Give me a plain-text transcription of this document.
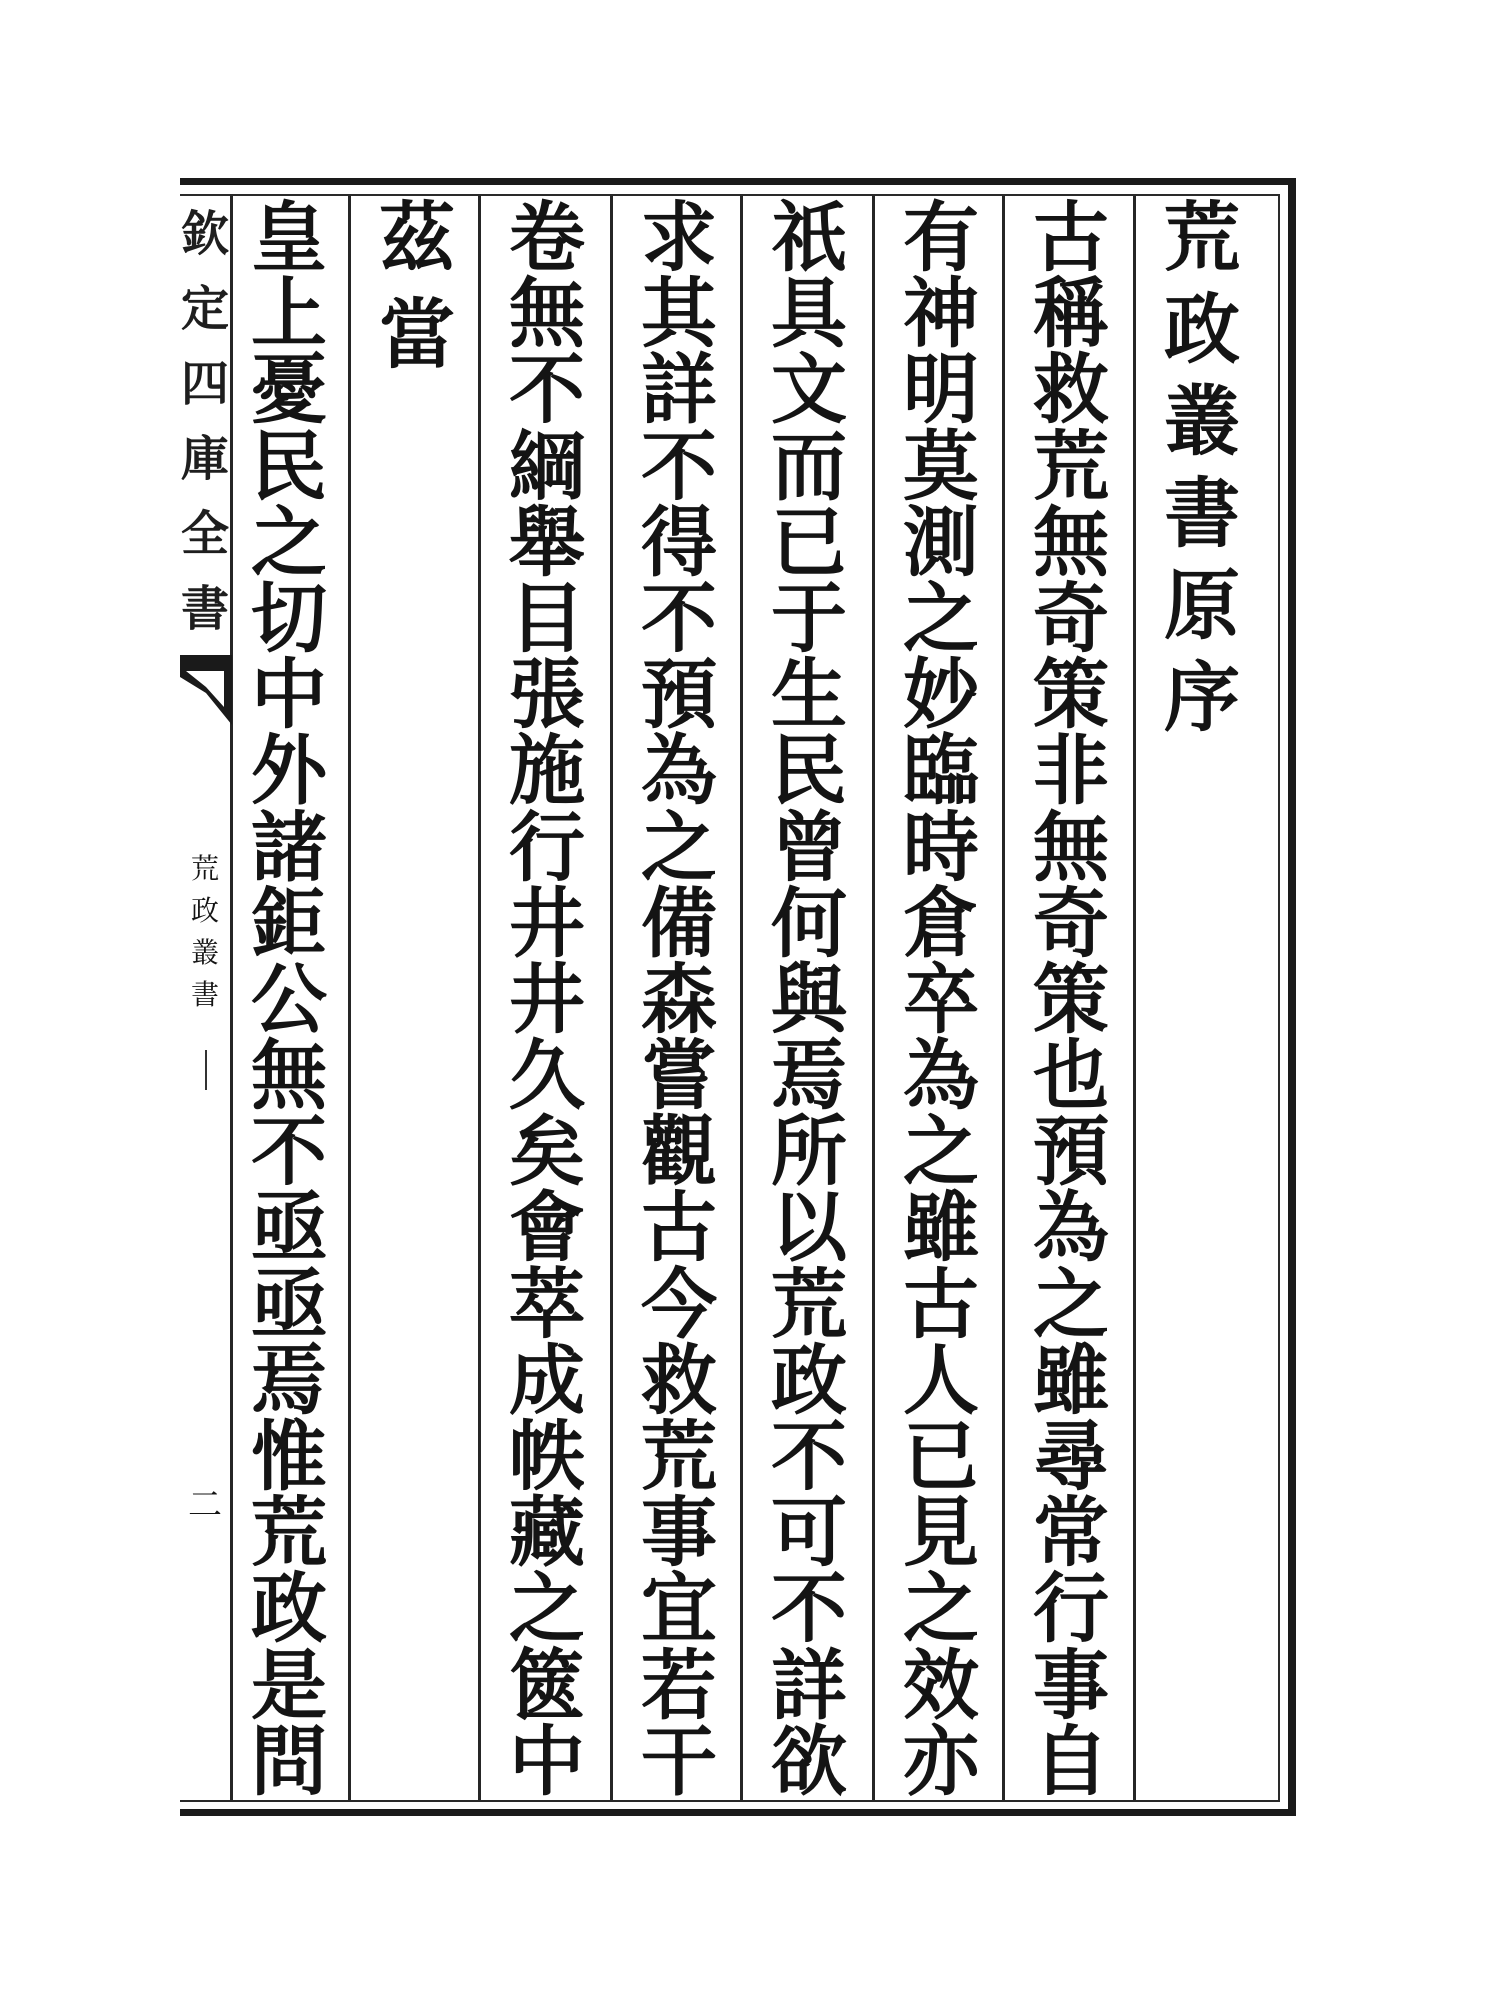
欽
定
四
庫
全
書
荒
政
叢
書
二
荒
政
叢
書
原
序
古
稱
救
荒
無
奇
策
非
無
奇
策
也
預
為
之
雖
尋
常
行
事
自
有
神
明
莫
測
之
妙
臨
時
倉
卒
為
之
雖
古
人
已
見
之
效
亦
祇
具
文
而
已
于
生
民
曾
何
與
焉
所
以
荒
政
不
可
不
詳
欲
求
其
詳
不
得
不
預
為
之
備
森
嘗
觀
古
今
救
荒
事
宜
若
干
卷
無
不
綱
舉
目
張
施
行
井
井
久
矣
會
萃
成
帙
藏
之
篋
中
茲
當
皇
上
憂
民
之
切
中
外
諸
鉅
公
無
不
亟
亟
焉
惟
荒
政
是
問
